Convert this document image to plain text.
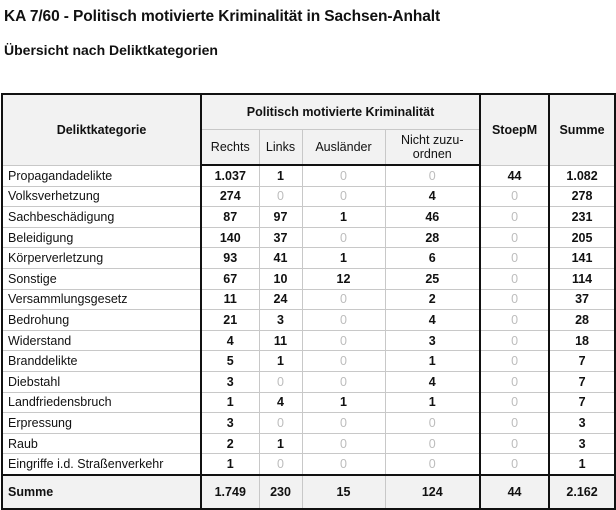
KA 7/60 - Politisch motivierte Kriminalität in Sachsen-Anhalt
Übersicht nach Deliktkategorien
Deliktkategorie	Politisch motivierte Kriminalität				StoepM	Summe
	Rechts	Links	Ausländer	Nicht zuzu-
ordnen		
Propagandadelikte	1.037	1	0	0	44	1.082
Volksverhetzung	274	0	0	4	0	278
Sachbeschädigung	87	97	1	46	0	231
Beleidigung	140	37	0	28	0	205
Körperverletzung	93	41	1	6	0	141
Sonstige	67	10	12	25	0	114
Versammlungsgesetz	11	24	0	2	0	37
Bedrohung	21	3	0	4	0	28
Widerstand	4	11	0	3	0	18
Branddelikte	5	1	0	1	0	7
Diebstahl	3	0	0	4	0	7
Landfriedensbruch	1	4	1	1	0	7
Erpressung	3	0	0	0	0	3
Raub	2	1	0	0	0	3
Eingriffe i.d. Straßenverkehr	1	0	0	0	0	1
Summe	1.749	230	15	124	44	2.162
